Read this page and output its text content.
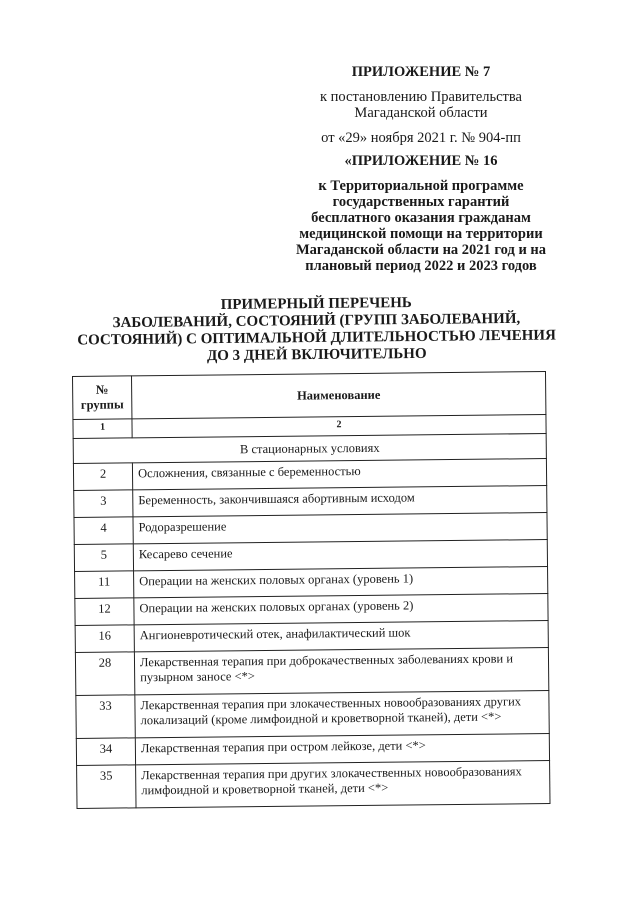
ПРИЛОЖЕНИЕ № 7
к постановлению Правительства
Магаданской области
от «29» ноября 2021 г. № 904-пп
«ПРИЛОЖЕНИЕ № 16
к Территориальной программе
государственных гарантий
бесплатного оказания гражданам
медицинской помощи на территории
Магаданской области на 2021 год и на
плановый период 2022 и 2023 годов
ПРИМЕРНЫЙ ПЕРЕЧЕНЬ
ЗАБОЛЕВАНИЙ, СОСТОЯНИЙ (ГРУПП ЗАБОЛЕВАНИЙ,
СОСТОЯНИЙ) С ОПТИМАЛЬНОЙ ДЛИТЕЛЬНОСТЬЮ ЛЕЧЕНИЯ
ДО 3 ДНЕЙ ВКЛЮЧИТЕЛЬНО
№
группы	Наименование
1	2
В стационарных условиях	
2	Осложнения, связанные с беременностью
3	Беременность, закончившаяся абортивным исходом
4	Родоразрешение
5	Кесарево сечение
11	Операции на женских половых органах (уровень 1)
12	Операции на женских половых органах (уровень 2)
16	Ангионевротический отек, анафилактический шок
28	Лекарственная терапия при доброкачественных заболеваниях крови и пузырном заносе <*>
33	Лекарственная терапия при злокачественных новообразованиях других локализаций (кроме лимфоидной и кроветворной тканей), дети <*>
34	Лекарственная терапия при остром лейкозе, дети <*>
35	Лекарственная терапия при других злокачественных новообразованиях лимфоидной и кроветворной тканей, дети <*>
